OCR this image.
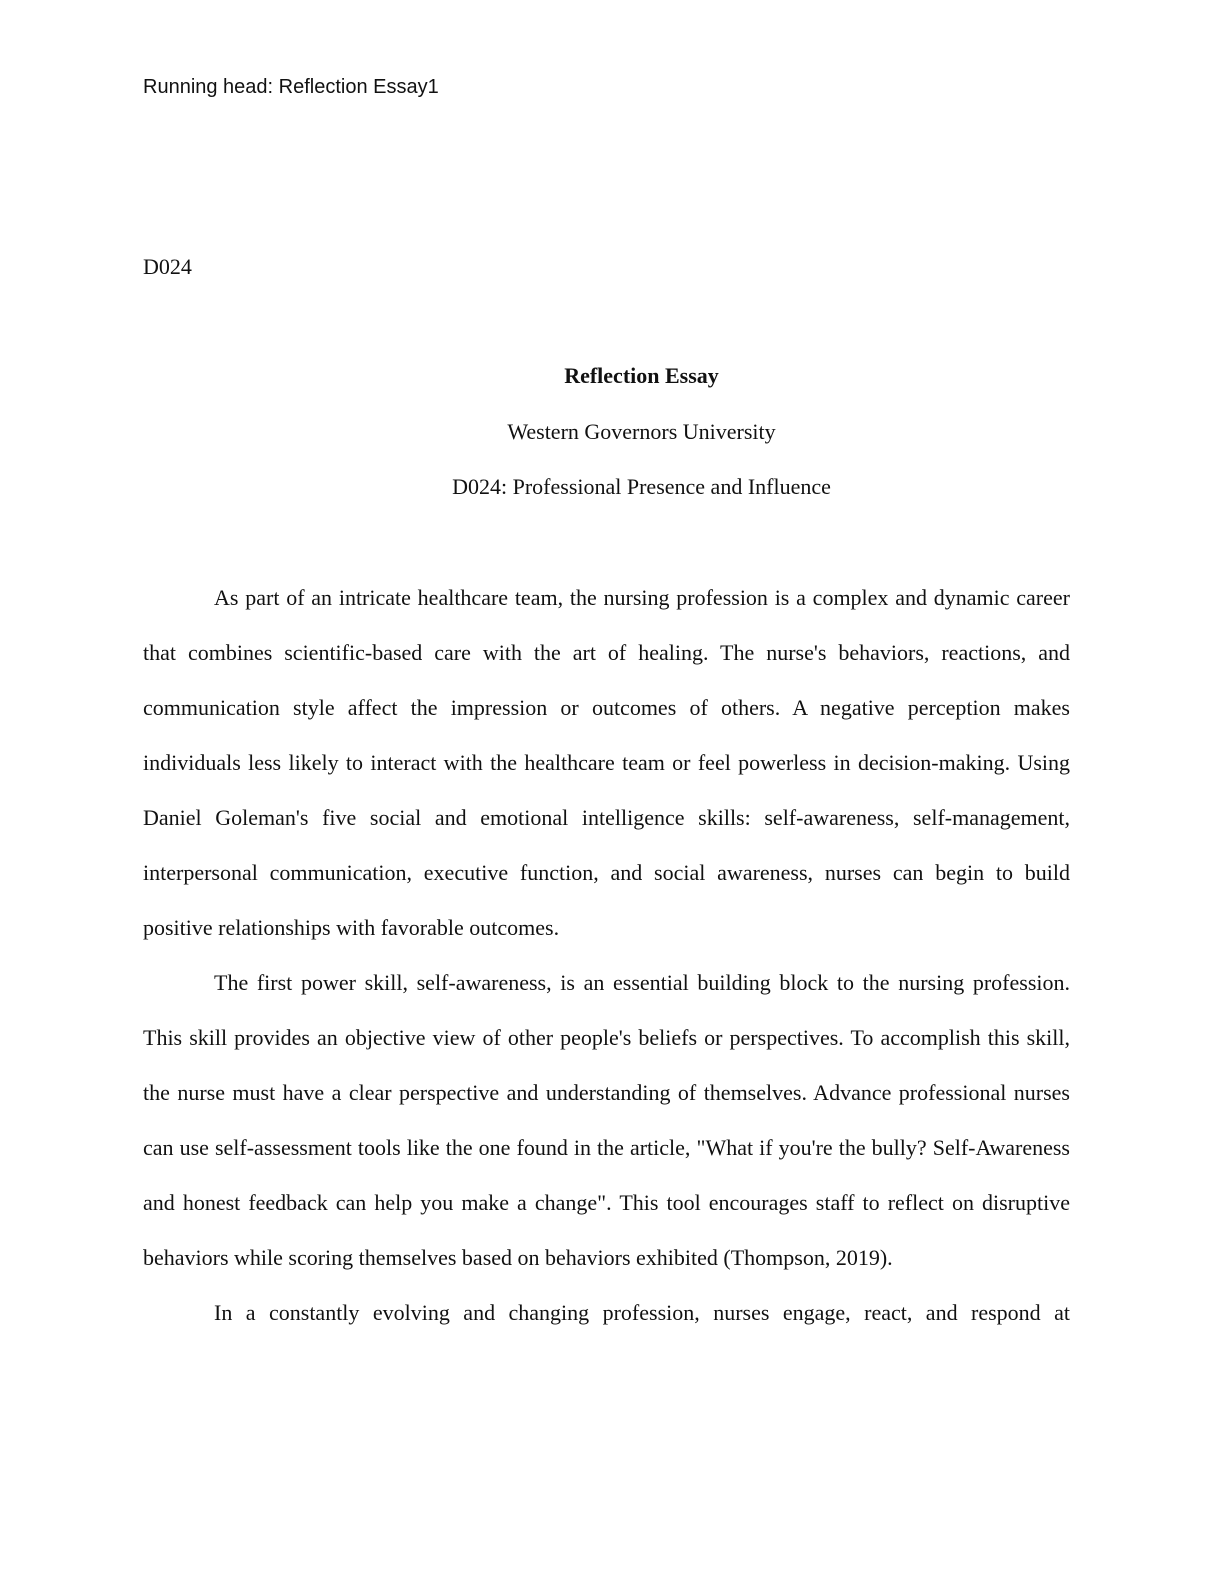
Running head: Reflection Essay1
D024
Reflection Essay
Western Governors University
D024: Professional Presence and Influence

As part of an intricate healthcare team, the nursing profession is a complex and dynamic career that combines scientific-based care with the art of healing. The nurse's behaviors, reactions, and communication style affect the impression or outcomes of others. A negative perception makes individuals less likely to interact with the healthcare team or feel powerless in decision-making. Using Daniel Goleman's five social and emotional intelligence skills: self-awareness, self-management, interpersonal communication, executive function, and social awareness, nurses can begin to build positive relationships with favorable outcomes.

The first power skill, self-awareness, is an essential building block to the nursing profession. This skill provides an objective view of other people's beliefs or perspectives. To accomplish this skill, the nurse must have a clear perspective and understanding of themselves. Advance professional nurses can use self-assessment tools like the one found in the article, "What if you're the bully? Self-Awareness and honest feedback can help you make a change". This tool encourages staff to reflect on disruptive behaviors while scoring themselves based on behaviors exhibited (Thompson, 2019).

In a constantly evolving and changing profession, nurses engage, react, and respond at
